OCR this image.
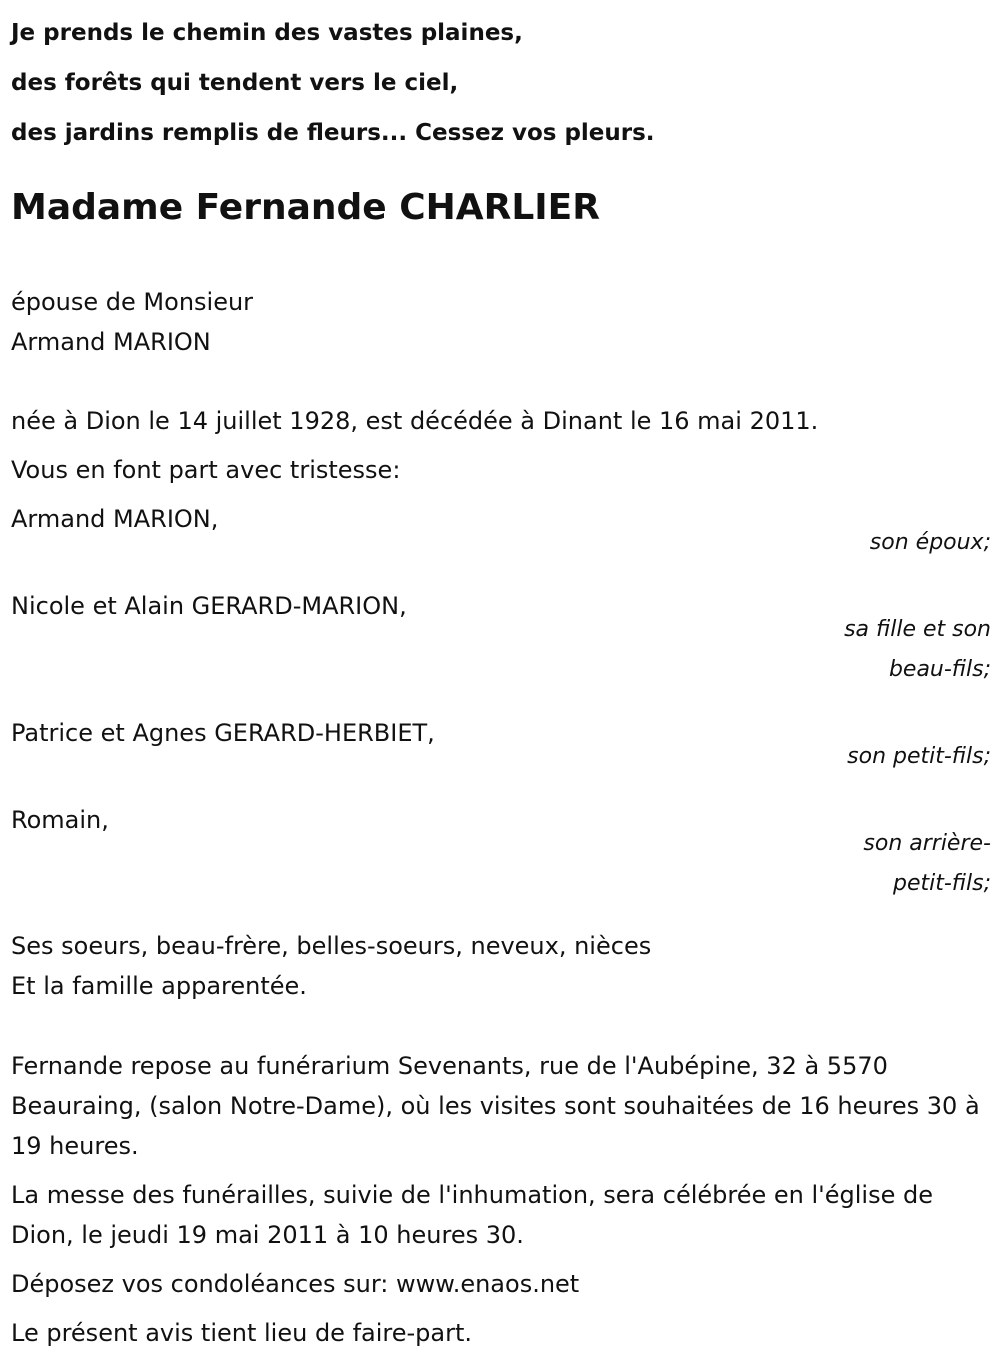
Je prends le chemin des vastes plaines,
des forêts qui tendent vers le ciel,
des jardins remplis de fleurs... Cessez vos pleurs.
Madame Fernande CHARLIER
épouse de Monsieur
Armand MARION
née à Dion le 14 juillet 1928, est décédée à Dinant le 16 mai 2011.
Vous en font part avec tristesse:
Armand MARION,
son époux;
Nicole et Alain GERARD-MARION,
sa fille et son beau-fils;
Patrice et Agnes GERARD-HERBIET,
son petit-fils;
Romain,
son arrière-petit-fils;
Ses soeurs, beau-frère, belles-soeurs, neveux, nièces
Et la famille apparentée.
Fernande repose au funérarium Sevenants, rue de l'Aubépine, 32 à 5570 Beauraing, (salon Notre-Dame), où les visites sont souhaitées de 16 heures 30 à 19 heures.
La messe des funérailles, suivie de l'inhumation, sera célébrée en l'église de Dion, le jeudi 19 mai 2011 à 10 heures 30.
Déposez vos condoléances sur: www.enaos.net
Le présent avis tient lieu de faire-part.
